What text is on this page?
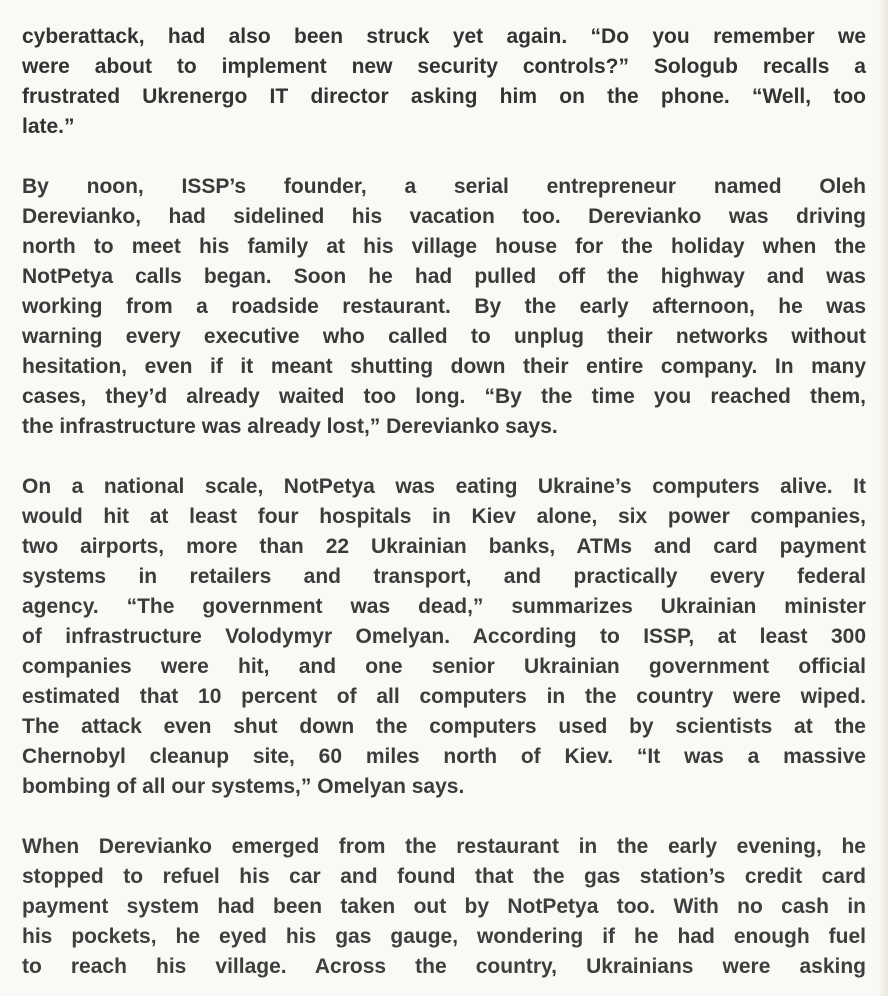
cyberattack, had also been struck yet again. “Do you remember we
were about to implement new security controls?” Sologub recalls a
frustrated Ukrenergo IT director asking him on the phone. “Well, too
late.”
By noon, ISSP’s founder, a serial entrepreneur named Oleh
Derevianko, had sidelined his vacation too. Derevianko was driving
north to meet his family at his village house for the holiday when the
NotPetya calls began. Soon he had pulled off the highway and was
working from a roadside restaurant. By the early afternoon, he was
warning every executive who called to unplug their networks without
hesitation, even if it meant shutting down their entire company. In many
cases, they’d already waited too long. “By the time you reached them,
the infrastructure was already lost,” Derevianko says.
On a national scale, NotPetya was eating Ukraine’s computers alive. It
would hit at least four hospitals in Kiev alone, six power companies,
two airports, more than 22 Ukrainian banks, ATMs and card payment
systems in retailers and transport, and practically every federal
agency. “The government was dead,” summarizes Ukrainian minister
of infrastructure Volodymyr Omelyan. According to ISSP, at least 300
companies were hit, and one senior Ukrainian government official
estimated that 10 percent of all computers in the country were wiped.
The attack even shut down the computers used by scientists at the
Chernobyl cleanup site, 60 miles north of Kiev. “It was a massive
bombing of all our systems,” Omelyan says.
When Derevianko emerged from the restaurant in the early evening, he
stopped to refuel his car and found that the gas station’s credit card
payment system had been taken out by NotPetya too. With no cash in
his pockets, he eyed his gas gauge, wondering if he had enough fuel
to reach his village. Across the country, Ukrainians were asking
